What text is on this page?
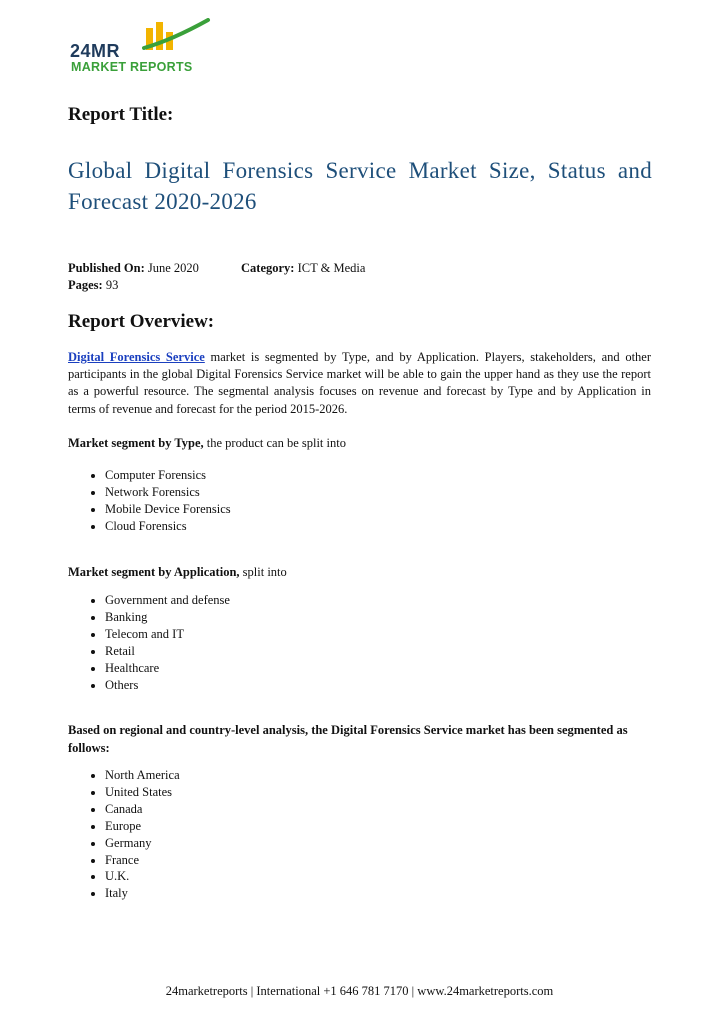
24MR
MARKET REPORTS
Report Title:
Global Digital Forensics Service Market Size, Status and Forecast 2020-2026
Published On: June 2020	Category: ICT & Media
Pages: 93
Report Overview:
Digital Forensics Service market is segmented by Type, and by Application. Players, stakeholders, and other participants in the global Digital Forensics Service market will be able to gain the upper hand as they use the report as a powerful resource. The segmental analysis focuses on revenue and forecast by Type and by Application in terms of revenue and forecast for the period 2015-2026.
Market segment by Type, the product can be split into
Computer Forensics
Network Forensics
Mobile Device Forensics
Cloud Forensics
Market segment by Application, split into
Government and defense
Banking
Telecom and IT
Retail
Healthcare
Others
Based on regional and country-level analysis, the Digital Forensics Service market has been segmented as follows:
North America
United States
Canada
Europe
Germany
France
U.K.
Italy
24marketreports | International +1 646 781 7170 | www.24marketreports.com
